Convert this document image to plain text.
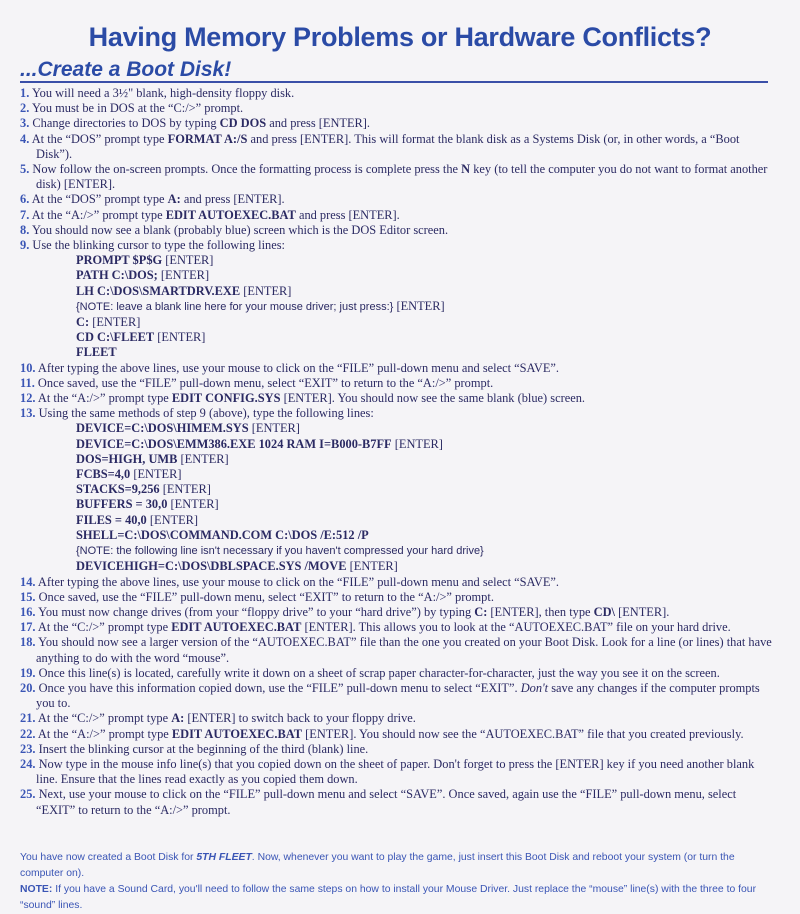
Having Memory Problems or Hardware Conflicts?
...Create a Boot Disk!

1. You will need a 3½" blank, high-density floppy disk.

2. You must be in DOS at the “C:/>” prompt.

3. Change directories to DOS by typing CD DOS and press [ENTER].

4. At the “DOS” prompt type FORMAT A:/S and press [ENTER]. This will format the blank disk as a Systems Disk (or, in other words, a “Boot Disk”).

5. Now follow the on-screen prompts. Once the formatting process is complete press the N key (to tell the computer you do not want to format another disk) [ENTER].

6. At the “DOS” prompt type A: and press [ENTER].

7. At the “A:/>” prompt type EDIT AUTOEXEC.BAT and press [ENTER].

8. You should now see a blank (probably blue) screen which is the DOS Editor screen.

9. Use the blinking cursor to type the following lines:

PROMPT $P$G [ENTER]

PATH C:\DOS; [ENTER]

LH C:\DOS\SMARTDRV.EXE [ENTER]

{NOTE: leave a blank line here for your mouse driver; just press:} [ENTER]

C: [ENTER]

CD C:\FLEET [ENTER]

FLEET

10. After typing the above lines, use your mouse to click on the “FILE” pull-down menu and select “SAVE”.

11. Once saved, use the “FILE” pull-down menu, select “EXIT” to return to the “A:/>” prompt.

12. At the “A:/>” prompt type EDIT CONFIG.SYS [ENTER]. You should now see the same blank (blue) screen.

13. Using the same methods of step 9 (above), type the following lines:

DEVICE=C:\DOS\HIMEM.SYS [ENTER]

DEVICE=C:\DOS\EMM386.EXE 1024 RAM I=B000-B7FF [ENTER]

DOS=HIGH, UMB [ENTER]

FCBS=4,0 [ENTER]

STACKS=9,256 [ENTER]

BUFFERS = 30,0 [ENTER]

FILES = 40,0 [ENTER]

SHELL=C:\DOS\COMMAND.COM C:\DOS /E:512 /P

{NOTE: the following line isn't necessary if you haven't compressed your hard drive}

DEVICEHIGH=C:\DOS\DBLSPACE.SYS /MOVE [ENTER]

14. After typing the above lines, use your mouse to click on the “FILE” pull-down menu and select “SAVE”.

15. Once saved, use the “FILE” pull-down menu, select “EXIT” to return to the “A:/>” prompt.

16. You must now change drives (from your “floppy drive” to your “hard drive”) by typing C: [ENTER], then type CD\ [ENTER].

17. At the “C:/>” prompt type EDIT AUTOEXEC.BAT [ENTER]. This allows you to look at the “AUTOEXEC.BAT” file on your hard drive.

18. You should now see a larger version of the “AUTOEXEC.BAT” file than the one you created on your Boot Disk. Look for a line (or lines) that have anything to do with the word “mouse”.

19. Once this line(s) is located, carefully write it down on a sheet of scrap paper character-for-character, just the way you see it on the screen.

20. Once you have this information copied down, use the “FILE” pull-down menu to select “EXIT”. Don't save any changes if the computer prompts you to.

21. At the “C:/>” prompt type A: [ENTER] to switch back to your floppy drive.

22. At the “A:/>” prompt type EDIT AUTOEXEC.BAT [ENTER]. You should now see the “AUTOEXEC.BAT” file that you created previously.

23. Insert the blinking cursor at the beginning of the third (blank) line.

24. Now type in the mouse info line(s) that you copied down on the sheet of paper. Don't forget to press the [ENTER] key if you need another blank line. Ensure that the lines read exactly as you copied them down.

25. Next, use your mouse to click on the “FILE” pull-down menu and select “SAVE”. Once saved, again use the “FILE” pull-down menu, select “EXIT” to return to the “A:/>” prompt.

You have now created a Boot Disk for 5TH FLEET. Now, whenever you want to play the game, just insert this Boot Disk and reboot your system (or turn the computer on).

NOTE: If you have a Sound Card, you'll need to follow the same steps on how to install your Mouse Driver. Just replace the “mouse” line(s) with the three to four “sound” lines.
